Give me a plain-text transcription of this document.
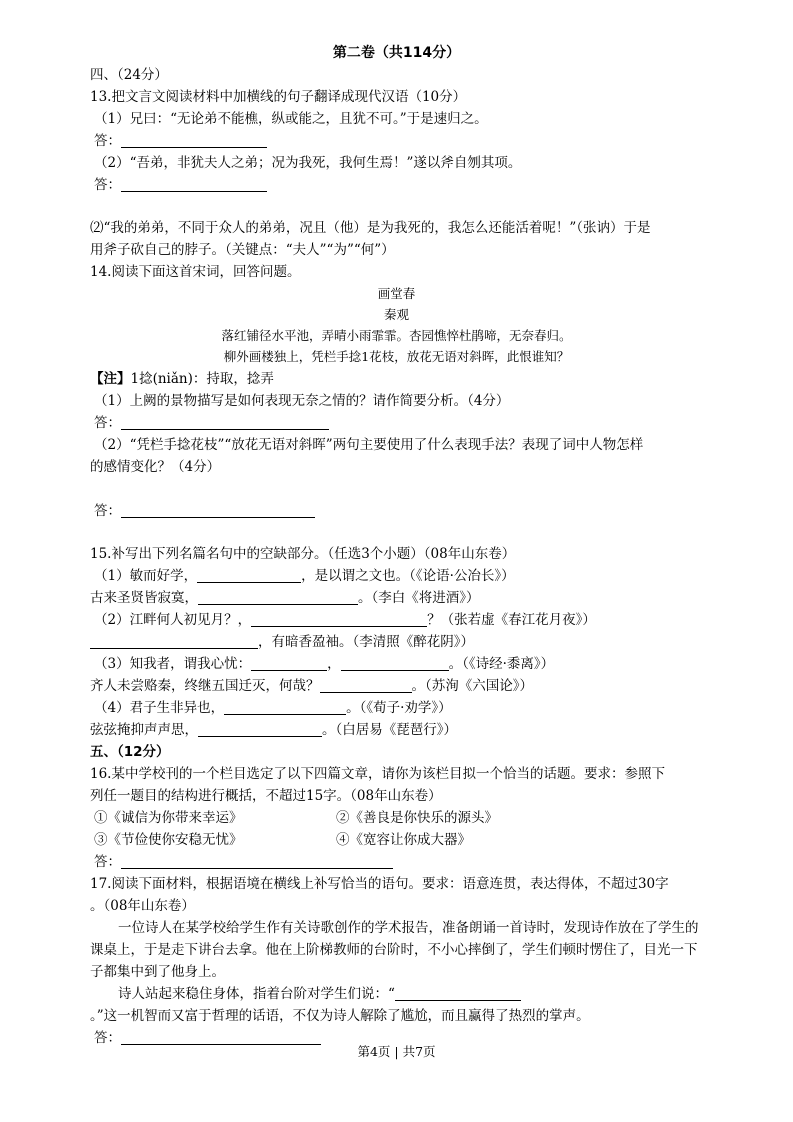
第二卷（共114分）
四、（24分）
13.把文言文阅读材料中加横线的句子翻译成现代汉语（10分）
（1）兄曰：“无论弟不能樵，纵或能之，且犹不可。”于是速归之。
答：
（2）“吾弟，非犹夫人之弟；况为我死，我何生焉！”遂以斧自刎其项。
答：
⑵“我的弟弟，不同于众人的弟弟，况且（他）是为我死的，我怎么还能活着呢！”（张讷）于是
用斧子砍自己的脖子。（关键点：“夫人”“为”“何”）
14.阅读下面这首宋词，回答问题。
画堂春
秦观
落红铺径水平池，弄晴小雨霏霏。杏园憔悴杜鹃啼，无奈春归。
柳外画楼独上，凭栏手捻1花枝，放花无语对斜晖，此恨谁知？
【注】1捻(niǎn)：持取，捻弄
（1）上阙的景物描写是如何表现无奈之情的？请作简要分析。（4分）
答：
（2）“凭栏手捻花枝”“放花无语对斜晖”两句主要使用了什么表现手法？表现了词中人物怎样
的感情变化？（4分）
答：
15.补写出下列名篇名句中的空缺部分。（任选3个小题）（08年山东卷）
（1）敏而好学，	，是以谓之文也。（《论语·公冶长》）
古来圣贤皆寂寞，	。（李白《将进酒》）
（2）江畔何人初见月？，	？（张若虚《春江花月夜》）
，有暗香盈袖。（李清照《醉花阴》）
（3）知我者，谓我心忧：	，	。（《诗经·黍离》）
齐人未尝赂秦，终继五国迁灭，何哉？	。（苏洵《六国论》）
（4）君子生非异也，	。（《荀子·劝学》）
弦弦掩抑声声思，	。（白居易《琵琶行》）
五、（12分）
16.某中学校刊的一个栏目选定了以下四篇文章，请你为该栏目拟一个恰当的话题。要求：参照下
列任一题目的结构进行概括，不超过15字。（08年山东卷）
①《诚信为你带来幸运》	②《善良是你快乐的源头》
③《节俭使你安稳无忧》	④《宽容让你成大器》
答：
17.阅读下面材料，根据语境在横线上补写恰当的语句。要求：语意连贯，表达得体，不超过30字
。（08年山东卷）
一位诗人在某学校给学生作有关诗歌创作的学术报告，准备朗诵一首诗时，发现诗作放在了学生的
课桌上，于是走下讲台去拿。他在上阶梯教师的台阶时，不小心摔倒了，学生们顿时愣住了，目光一下
子都集中到了他身上。
诗人站起来稳住身体，指着台阶对学生们说：“
。”这一机智而又富于哲理的话语，不仅为诗人解除了尴尬，而且赢得了热烈的掌声。
答：
第4页 | 共7页
